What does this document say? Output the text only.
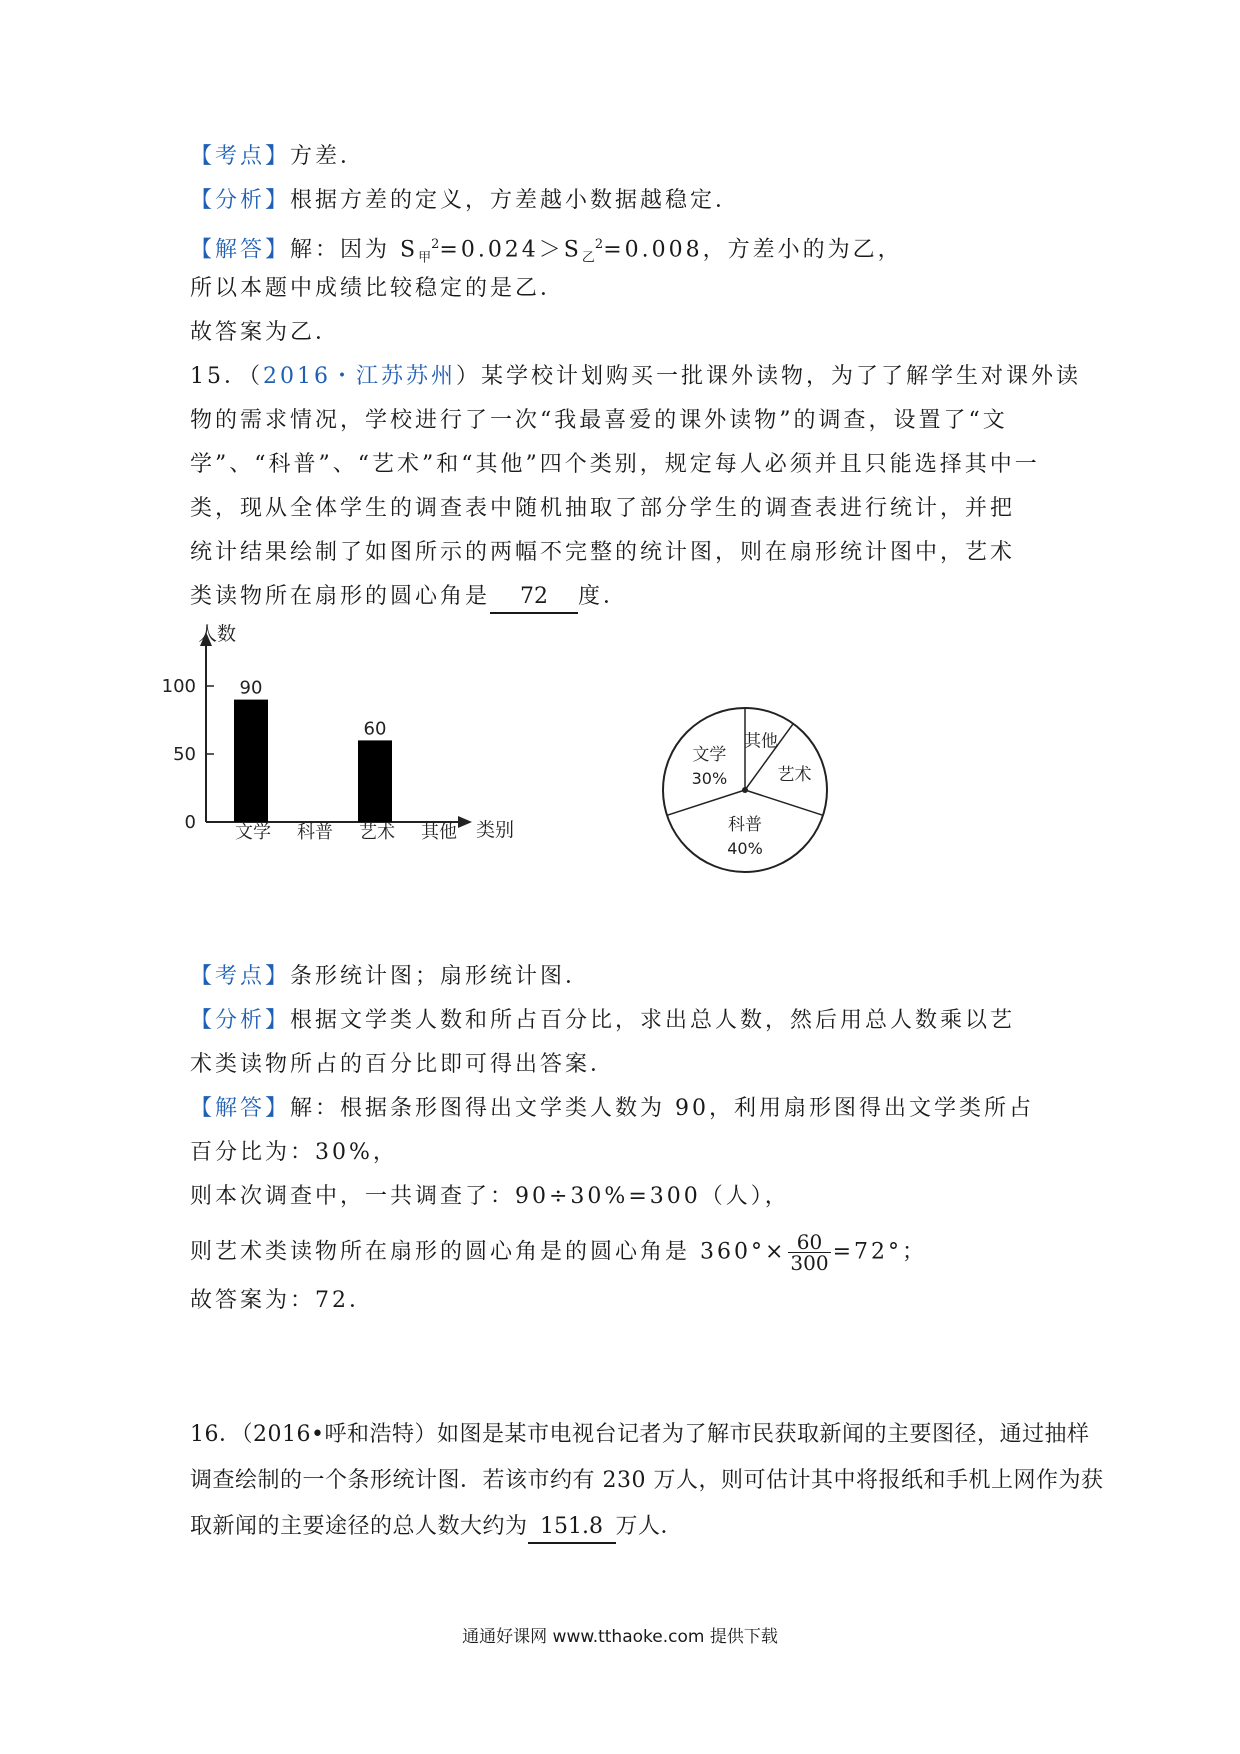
【考点】方差．
【分析】根据方差的定义，方差越小数据越稳定．
【解答】解：因为 $S_甲^2=0.024>S_乙^2=0.008$，方差小的为乙，
所以本题中成绩比较稳定的是乙．
故答案为乙．
15．（2016・江苏苏州）某学校计划购买一批课外读物，为了了解学生对课外读
物的需求情况，学校进行了一次“我最喜爱的课外读物”的调查，设置了“文
学”、“科普”、“艺术”和“其他”四个类别，规定每人必须并且只能选择其中一
类，现从全体学生的调查表中随机抽取了部分学生的调查表进行统计，并把
统计结果绘制了如图所示的两幅不完整的统计图，则在扇形统计图中，艺术
类读物所在扇形的圆心角是 72 度．
人数
类别
0
50
100 90
文学 科普
60
艺术 其他
文学
30%
其他
艺术
科普
40%
【考点】条形统计图；扇形统计图．
【分析】根据文学类人数和所占百分比，求出总人数，然后用总人数乘以艺
术类读物所占的百分比即可得出答案．
【解答】解：根据条形图得出文学类人数为 90，利用扇形图得出文学类所占
百分比为：30%，
则本次调查中，一共调查了：90÷30%=300（人），
则艺术类读物所在扇形的圆心角是的圆心角是 $360^\circ\times \frac{60}{300} =72^\circ$；
故答案为：72．
16．（2016•呼和浩特）如图是某市电视台记者为了解市民获取新闻的主要图径，通过抽样
调查绘制的一个条形统计图．若该市约有 230 万人，则可估计其中将报纸和手机上网作为获
取新闻的主要途径的总人数大约为 151.8 万人．
通通好课网 www.tthaoke.com 提供下载
